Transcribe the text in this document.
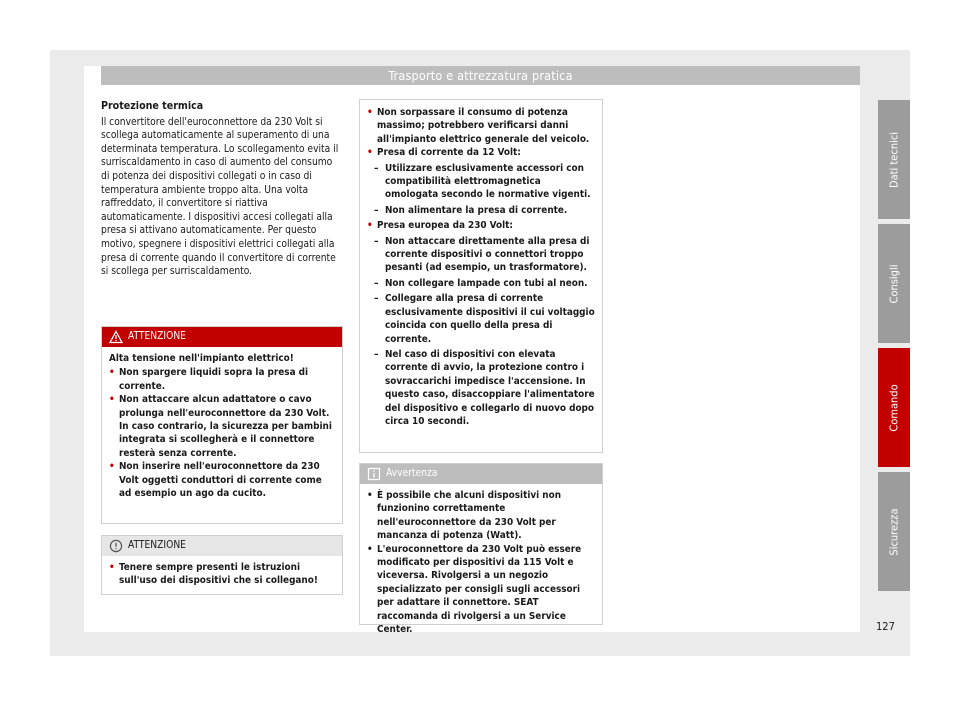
Trasporto e attrezzatura pratica
Protezione termica
Il convertitore dell'euroconnettore da 230 Volt si scollega automaticamente al superamento di una determinata temperatura. Lo scollegamento evita il surriscaldamento in caso di aumento del consumo di potenza dei dispositivi collegati o in caso di temperatura ambiente troppo alta. Una volta raffreddato, il convertitore si riattiva automaticamente. I dispositivi accesi collegati alla presa si attivano automaticamente. Per questo motivo, spegnere i dispositivi elettrici collegati alla presa di corrente quando il convertitore di corrente si scollega per surriscaldamento.
ATTENZIONE
Alta tensione nell'impianto elettrico!
• Non spargere liquidi sopra la presa di corrente.
• Non attaccare alcun adattatore o cavo prolunga nell'euroconnettore da 230 Volt. In caso contrario, la sicurezza per bambini integrata si scollegherà e il connettore resterà senza corrente.
• Non inserire nell'euroconnettore da 230 Volt oggetti conduttori di corrente come ad esempio un ago da cucito.
ATTENZIONE
• Tenere sempre presenti le istruzioni sull'uso dei dispositivi che si collegano!
• Non sorpassare il consumo di potenza massimo; potrebbero verificarsi danni all'impianto elettrico generale del veicolo.
• Presa di corrente da 12 Volt:
– Utilizzare esclusivamente accessori con compatibilità elettromagnetica omologata secondo le normative vigenti.
– Non alimentare la presa di corrente.
• Presa europea da 230 Volt:
– Non attaccare direttamente alla presa di corrente dispositivi o connettori troppo pesanti (ad esempio, un trasformatore).
– Non collegare lampade con tubi al neon.
– Collegare alla presa di corrente esclusivamente dispositivi il cui voltaggio coincida con quello della presa di corrente.
– Nel caso di dispositivi con elevata corrente di avvio, la protezione contro i sovraccarichi impedisce l'accensione. In questo caso, disaccoppiare l'alimentatore del dispositivo e collegarlo di nuovo dopo circa 10 secondi.
Avvertenza
• È possibile che alcuni dispositivi non funzionino correttamente nell'euroconnettore da 230 Volt per mancanza di potenza (Watt).
• L'euroconnettore da 230 Volt può essere modificato per dispositivi da 115 Volt e viceversa. Rivolgersi a un negozio specializzato per consigli sugli accessori per adattare il connettore. SEAT raccomanda di rivolgersi a un Service Center.
Dati tecnici
Consigli
Comando
Sicurezza
127
